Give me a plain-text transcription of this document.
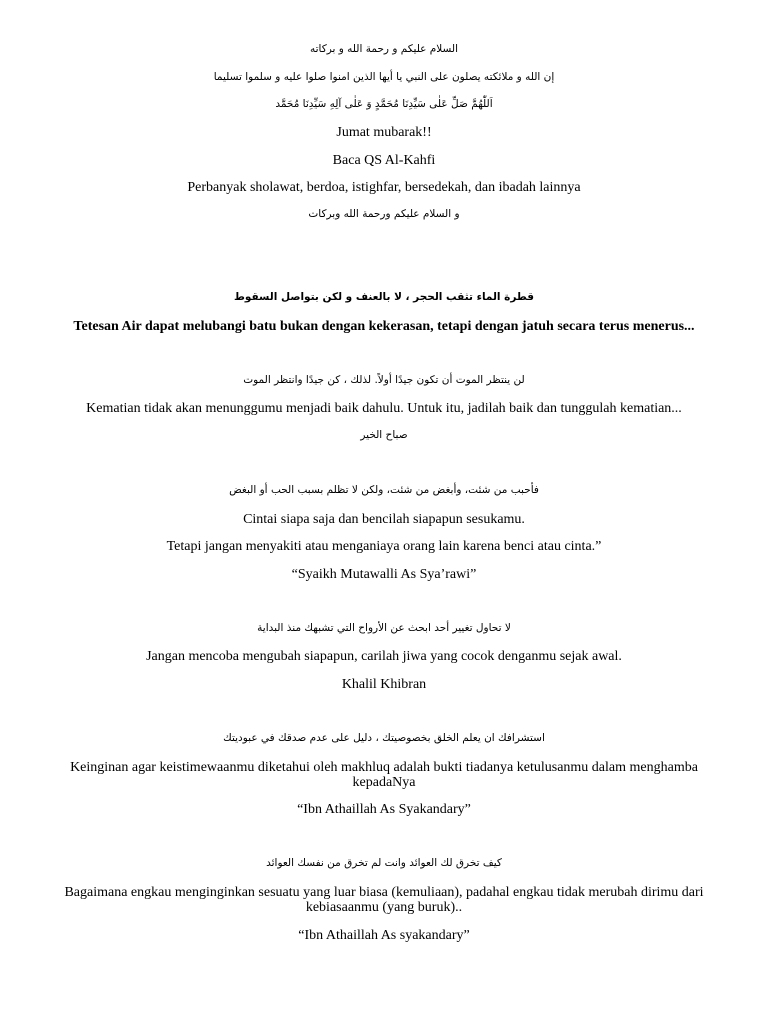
السلام عليكم و رحمة الله و بركاته
إن الله و ملائكته يصلون على النبي يا أيها الذين امنوا صلوا عليه و سلموا تسليما
اَللّٰهُمَّ صَلِّ عَلٰى سَيِّدِنَا مُحَمَّدٍ وَ عَلٰى آلِهِ سَيِّدِنَا مُحَمَّد
Jumat mubarak!!
Baca QS Al-Kahfi
Perbanyak sholawat, berdoa, istighfar, bersedekah, dan ibadah lainnya
و السلام عليكم ورحمة الله وبركات
قطرة الماء تثقب الحجر ، لا بالعنف و لكن بتواصل السقوط
Tetesan Air dapat melubangi batu bukan dengan kekerasan, tetapi dengan jatuh secara terus menerus...
لن ينتظر الموت أن تكون جيدًا أولاً. لذلك ، كن جيدًا وانتظر الموت
Kematian tidak akan menunggumu menjadi baik dahulu. Untuk itu, jadilah baik dan tunggulah kematian...
صباح الخير
فأحبب من شئت، وأبغض من شئت، ولكن لا تظلم بسبب الحب أو البغض
Cintai siapa saja dan bencilah siapapun sesukamu.
Tetapi jangan menyakiti atau menganiaya orang lain karena benci atau cinta.”
“Syaikh Mutawalli As Sya’rawi”
لا تحاول تغيير أحد ابحث عن الأرواح التي تشبهك منذ البداية
Jangan mencoba mengubah siapapun, carilah jiwa yang cocok denganmu sejak awal.
Khalil Khibran
استشرافك ان يعلم الخلق بخصوصيتك ، دليل على عدم صدقك في عبوديتك
Keinginan agar keistimewaanmu diketahui oleh makhluq adalah bukti tiadanya ketulusanmu dalam menghamba kepadaNya
“Ibn Athaillah As Syakandary”
كيف تخرق لك العوائد وانت لم تخرق من نفسك العوائد
Bagaimana engkau menginginkan sesuatu yang luar biasa (kemuliaan), padahal engkau tidak merubah dirimu dari kebiasaanmu (yang buruk)..
“Ibn Athaillah As syakandary”
